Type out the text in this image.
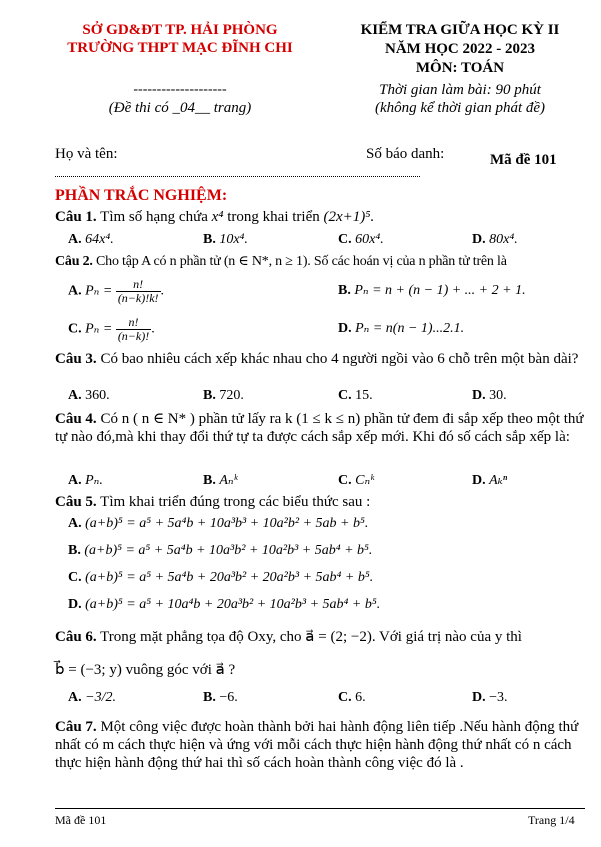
SỞ GD&ĐT TP. HẢI PHÒNG
TRƯỜNG THPT MẠC ĐĨNH CHI
--------------------
(Đề thi có _04__ trang)
KIỂM TRA GIỮA HỌC KỲ II
NĂM HỌC 2022 - 2023
MÔN: TOÁN
Thời gian làm bài: 90 phút
(không kể thời gian phát đề)
Họ và tên:	Số báo danh:	Mã đề 101
PHẦN TRẮC NGHIỆM:
Câu 1. Tìm số hạng chứa x⁴ trong khai triển (2x+1)⁵.
A. 64x⁴.	B. 10x⁴.	C. 60x⁴.	D. 80x⁴.
Câu 2. Cho tập A có n phần tử (n ∈ N*, n ≥ 1). Số các hoán vị của n phần tử trên là
A. $P_n = \frac{n!}{(n-k)!k!}$ .	B. Pₙ = n + (n − 1) + ... + 2 + 1.
C. $P_n = \frac{n!}{(n-k)!}$ .	D. Pₙ = n(n − 1)...2.1.
Câu 3. Có bao nhiêu cách xếp khác nhau cho 4 người ngồi vào 6 chỗ trên một bàn dài?
A. 360.	B. 720.	C. 15.	D. 30.
Câu 4. Có n ( n ∈ N* ) phần tử lấy ra k (1 ≤ k ≤ n) phần tử đem đi sắp xếp theo một thứ tự nào đó,mà khi thay đổi thứ tự ta được cách sắp xếp mới. Khi đó số cách sắp xếp là:
A. Pₙ.	B. Aₙᵏ	C. Cₙᵏ	D. Aₖⁿ
Câu 5. Tìm khai triển đúng trong các biểu thức sau :
A. (a+b)⁵ = a⁵ + 5a⁴b + 10a³b³ + 10a²b² + 5ab + b⁵.
B. (a+b)⁵ = a⁵ + 5a⁴b + 10a³b² + 10a²b³ + 5ab⁴ + b⁵.
C. (a+b)⁵ = a⁵ + 5a⁴b + 20a³b² + 20a²b³ + 5ab⁴ + b⁵.
D. (a+b)⁵ = a⁵ + 10a⁴b + 20a³b² + 10a²b³ + 5ab⁴ + b⁵.
Câu 6. Trong mặt phẳng tọa độ Oxy, cho a⃗ = (2; −2). Với giá trị nào của y thì
b⃗ = (−3; y) vuông góc với a⃗ ?
A. −3/2.	B. −6.	C. 6.	D. −3.
Câu 7. Một công việc được hoàn thành bởi hai hành động liên tiếp .Nếu hành động thứ nhất có m cách thực hiện và ứng với mỗi cách thực hiện hành động thứ nhất có n cách thực hiện hành động thứ hai thì số cách hoàn thành công việc đó là .
Mã đề 101	Trang 1/4
